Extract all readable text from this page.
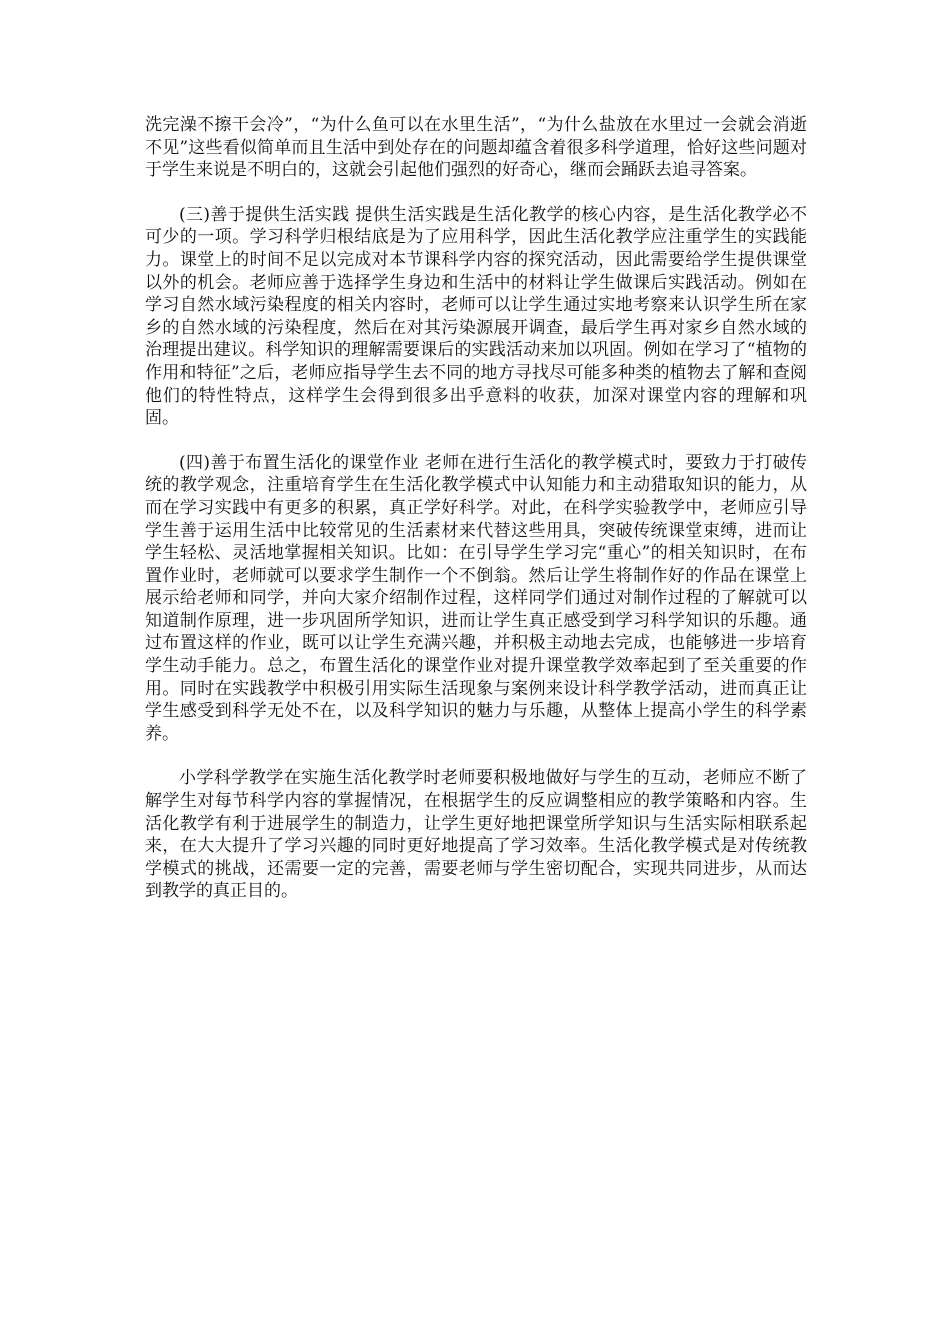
洗完澡不擦干会冷”，“为什么鱼可以在水里生活”，“为什么盐放在水里过一会就会消逝不见”这些看似简单而且生活中到处存在的问题却蕴含着很多科学道理，恰好这些问题对于学生来说是不明白的，这就会引起他们强烈的好奇心，继而会踊跃去追寻答案。

(三)善于提供生活实践 提供生活实践是生活化教学的核心内容，是生活化教学必不可少的一项。学习科学归根结底是为了应用科学，因此生活化教学应注重学生的实践能力。课堂上的时间不足以完成对本节课科学内容的探究活动，因此需要给学生提供课堂以外的机会。老师应善于选择学生身边和生活中的材料让学生做课后实践活动。例如在学习自然水域污染程度的相关内容时，老师可以让学生通过实地考察来认识学生所在家乡的自然水域的污染程度，然后在对其污染源展开调查，最后学生再对家乡自然水域的治理提出建议。科学知识的理解需要课后的实践活动来加以巩固。例如在学习了“植物的作用和特征”之后，老师应指导学生去不同的地方寻找尽可能多种类的植物去了解和查阅他们的特性特点，这样学生会得到很多出乎意料的收获，加深对课堂内容的理解和巩固。

(四)善于布置生活化的课堂作业 老师在进行生活化的教学模式时，要致力于打破传统的教学观念，注重培育学生在生活化教学模式中认知能力和主动猎取知识的能力，从而在学习实践中有更多的积累，真正学好科学。对此，在科学实验教学中，老师应引导学生善于运用生活中比较常见的生活素材来代替这些用具，突破传统课堂束缚，进而让学生轻松、灵活地掌握相关知识。比如：在引导学生学习完“重心”的相关知识时，在布置作业时，老师就可以要求学生制作一个不倒翁。然后让学生将制作好的作品在课堂上展示给老师和同学，并向大家介绍制作过程，这样同学们通过对制作过程的了解就可以知道制作原理，进一步巩固所学知识，进而让学生真正感受到学习科学知识的乐趣。通过布置这样的作业，既可以让学生充满兴趣，并积极主动地去完成，也能够进一步培育学生动手能力。总之，布置生活化的课堂作业对提升课堂教学效率起到了至关重要的作用。同时在实践教学中积极引用实际生活现象与案例来设计科学教学活动，进而真正让学生感受到科学无处不在，以及科学知识的魅力与乐趣，从整体上提高小学生的科学素养。

小学科学教学在实施生活化教学时老师要积极地做好与学生的互动，老师应不断了解学生对每节科学内容的掌握情况，在根据学生的反应调整相应的教学策略和内容。生活化教学有利于进展学生的制造力，让学生更好地把课堂所学知识与生活实际相联系起来，在大大提升了学习兴趣的同时更好地提高了学习效率。生活化教学模式是对传统教学模式的挑战，还需要一定的完善，需要老师与学生密切配合，实现共同进步，从而达到教学的真正目的。
